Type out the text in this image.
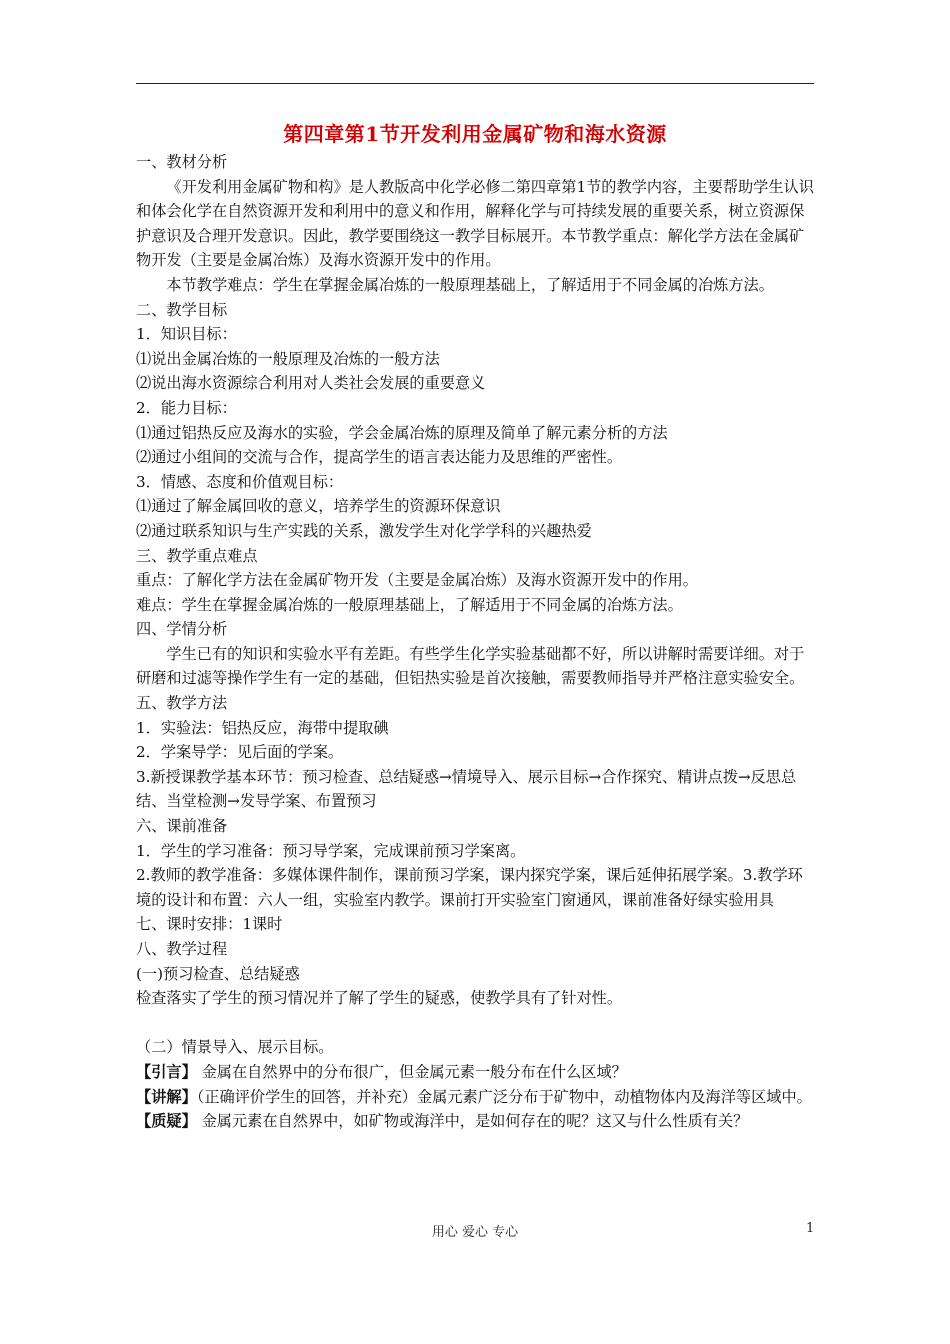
第四章第1节开发利用金属矿物和海水资源

一、教材分析

《开发利用金属矿物和构》是人教版高中化学必修二第四章第1节的教学内容，主要帮助学生认识和体会化学在自然资源开发和利用中的意义和作用，解释化学与可持续发展的重要关系，树立资源保护意识及合理开发意识。因此，教学要围绕这一教学目标展开。本节教学重点：解化学方法在金属矿物开发（主要是金属冶炼）及海水资源开发中的作用。

本节教学难点：学生在掌握金属冶炼的一般原理基础上，了解适用于不同金属的冶炼方法。

二、教学目标

1．知识目标：

⑴说出金属冶炼的一般原理及冶炼的一般方法

⑵说出海水资源综合利用对人类社会发展的重要意义

2．能力目标：

⑴通过铝热反应及海水的实验，学会金属冶炼的原理及简单了解元素分析的方法

⑵通过小组间的交流与合作，提高学生的语言表达能力及思维的严密性。

3．情感、态度和价值观目标：

⑴通过了解金属回收的意义，培养学生的资源环保意识

⑵通过联系知识与生产实践的关系，激发学生对化学学科的兴趣热爱

三、教学重点难点

重点：了解化学方法在金属矿物开发（主要是金属冶炼）及海水资源开发中的作用。

难点：学生在掌握金属冶炼的一般原理基础上，了解适用于不同金属的冶炼方法。

四、学情分析

学生已有的知识和实验水平有差距。有些学生化学实验基础都不好，所以讲解时需要详细。对于研磨和过滤等操作学生有一定的基础，但铝热实验是首次接触，需要教师指导并严格注意实验安全。

五、教学方法

1．实验法：铝热反应，海带中提取碘

2．学案导学：见后面的学案。

3.新授课教学基本环节：预习检查、总结疑惑→情境导入、展示目标→合作探究、精讲点拨→反思总结、当堂检测→发导学案、布置预习

六、课前准备

1．学生的学习准备：预习导学案，完成课前预习学案离。

2.教师的教学准备：多媒体课件制作，课前预习学案，课内探究学案，课后延伸拓展学案。3.教学环境的设计和布置：六人一组，实验室内教学。课前打开实验室门窗通风，课前准备好绿实验用具

七、课时安排：1课时

八、教学过程

(一)预习检查、总结疑惑

检查落实了学生的预习情况并了解了学生的疑惑，使教学具有了针对性。

（二）情景导入、展示目标。

【引言】 金属在自然界中的分布很广，但金属元素一般分布在什么区域？

【讲解】（正确评价学生的回答，并补充）金属元素广泛分布于矿物中，动植物体内及海洋等区域中。

【质疑】 金属元素在自然界中，如矿物或海洋中，是如何存在的呢？这又与什么性质有关？

用心 爱心 专心	1
